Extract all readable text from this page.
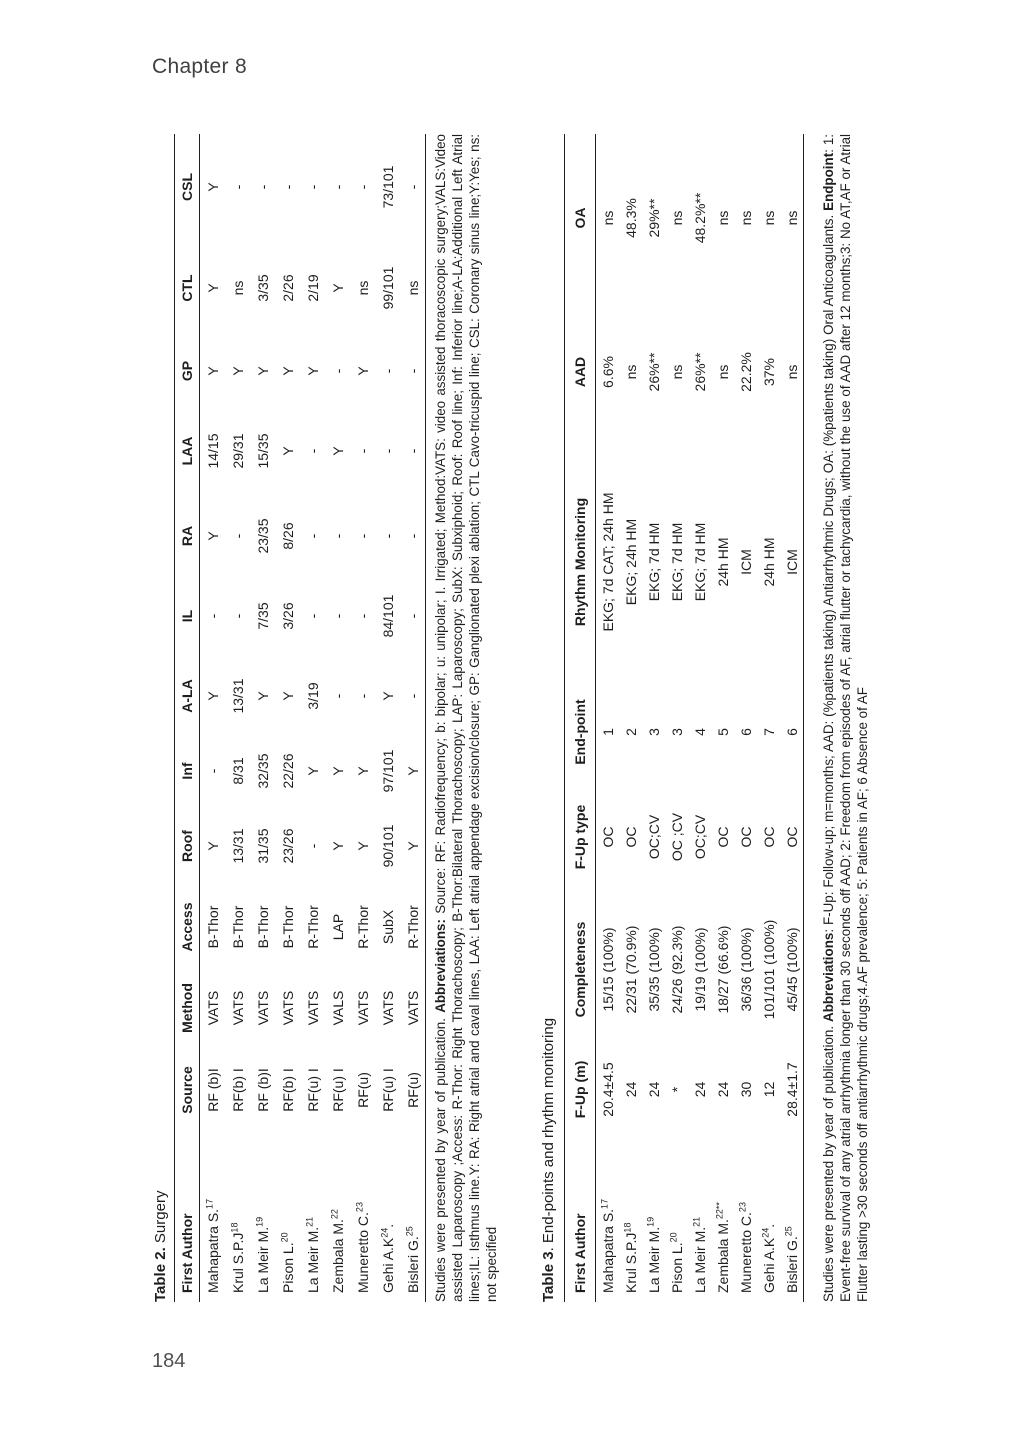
Chapter 8
Table 2. Surgery First Author	Source	Method	Access	Roof	Inf	A-LA	IL	RA	LAA	GP	CTL	CSL
Mahapatra S.$^{17}$	RF (b)I	VATS	B-Thor	Y	-	Y	-	Y	14/15	Y	Y	Y
Krul $S.P.J^{18}$	RF(b) I	VATS	B-Thor	13/31	8/31	13/31	-	-	29/31	Y	ns	-
La Meir M.$^{19}$	RF (b)I	VATS	B-Thor	31/35	32/35	Y	7/35	23/35	15/35	Y	3/35	-
Pison L.$^{20}$	RF(b) I	VATS	B-Thor	23/26	22/26	Y	3/26	8/26	Y	Y	2/26	-
La Meir M.$^{21}$	RF(u) I	VATS	R-Thor	-	Y	3/19	-	-	-	Y	2/19	-
Zembala M.$^{22}$	RF(u) I	VALS	LAP	Y	Y	-	-	-	Y	-	Y	-
Muneretto C.$^{23}$	RF(u)	VATS	R-Thor	Y	Y	-	-	-	-	Y	ns	-
Gehi $A.K^{24}$.	RF(u) I	VATS	SubX	90/101	97/101	Y	84/101	-	-	-	99/101	73/101
Bisleri G.$^{25}$	RF(u)	VATS	R-Thor	Y	Y	-	-	-	-	-	ns	-
Studies were presented by year of publication. Abbreviations: Source: RF: Radiofrequency; b: bipolar; u: unipolar; I. Irrigated; Method:VATS: video assisted thoracoscopic surgery;VALS:Video assisted Laparoscopy ;Access: R-Thor: Right Thorachoscopy; B-Thor:Bilateral Thorachoscopy; LAP: Laparoscopy; SubX: Subxiphoid; Roof: Roof line; Inf: Inferior line;A-LA:Additional Left Atrial lines;IL: Isthmus line.Y: RA: Right atrial and caval lines, LAA: Left atrial appendage excision/closure; GP: Ganglionated plexi ablation; CTL Cavo-tricuspid line; CSL: Coronary sinus line;Y:Yes; ns: not specified	Table 3. End-points and rhythm monitoring
First Author	F-Up (m)	Completeness	F-Up type	End-point	Rhythm Monitoring	AAD	OA
Mahapatra S.$^{17}$	20.4±4.5	15/15 (100%)	OC	1	EKG; 7d CAT; 24h HM	6.6%	ns
Krul $S.P.J^{18}$	24	22/31 (70.9%)	OC	2	EKG; 24h HM	ns	48.3%
La Meir M.$^{19}$	24	35/35 (100%)	OC;CV	3	EKG; 7d HM	26%**	29%**
Pison L.$^{20}$	*	24/26 (92.3%)	OC ;CV	3	EKG; 7d HM	ns	ns
La Meir M.$^{21}$	24	19/19 (100%)	OC;CV	4	EKG; 7d HM	26%**	48.2%**
Zembala M.$^{22**}$	24	18/27 (66.6%)	OC	5	24h HM	ns	ns
Muneretto C.$^{23}$	30	36/36 (100%)	OC	6	ICM	22.2%	ns
Gehi $A.K^{24}$.	12	101/101 (100%)	OC	7	24h HM	37%	ns
Bisleri G.$^{25}$	28.4±1.7	45/45 (100%)	OC	6	ICM	ns	ns
Studies were presented by year of publication. Abbreviations: F-Up: Follow-up; m=months; AAD: (%patients taking) Antiarrhythmic Drugs; OA: (%patients taking) Oral Anticoagulants. Endpoint: 1: Event-free survival of any atrial arrhythmia longer than 30 seconds off AAD; 2: Freedom from episodes of AF, atrial flutter or tachycardia, without the use of AAD after 12 months;3: No AT,AF or Atrial Flutter lasting >30 seconds off antiarrhythmic drugs;4.AF prevalence; 5: Patients in AF; 6 Absence of AF
184
